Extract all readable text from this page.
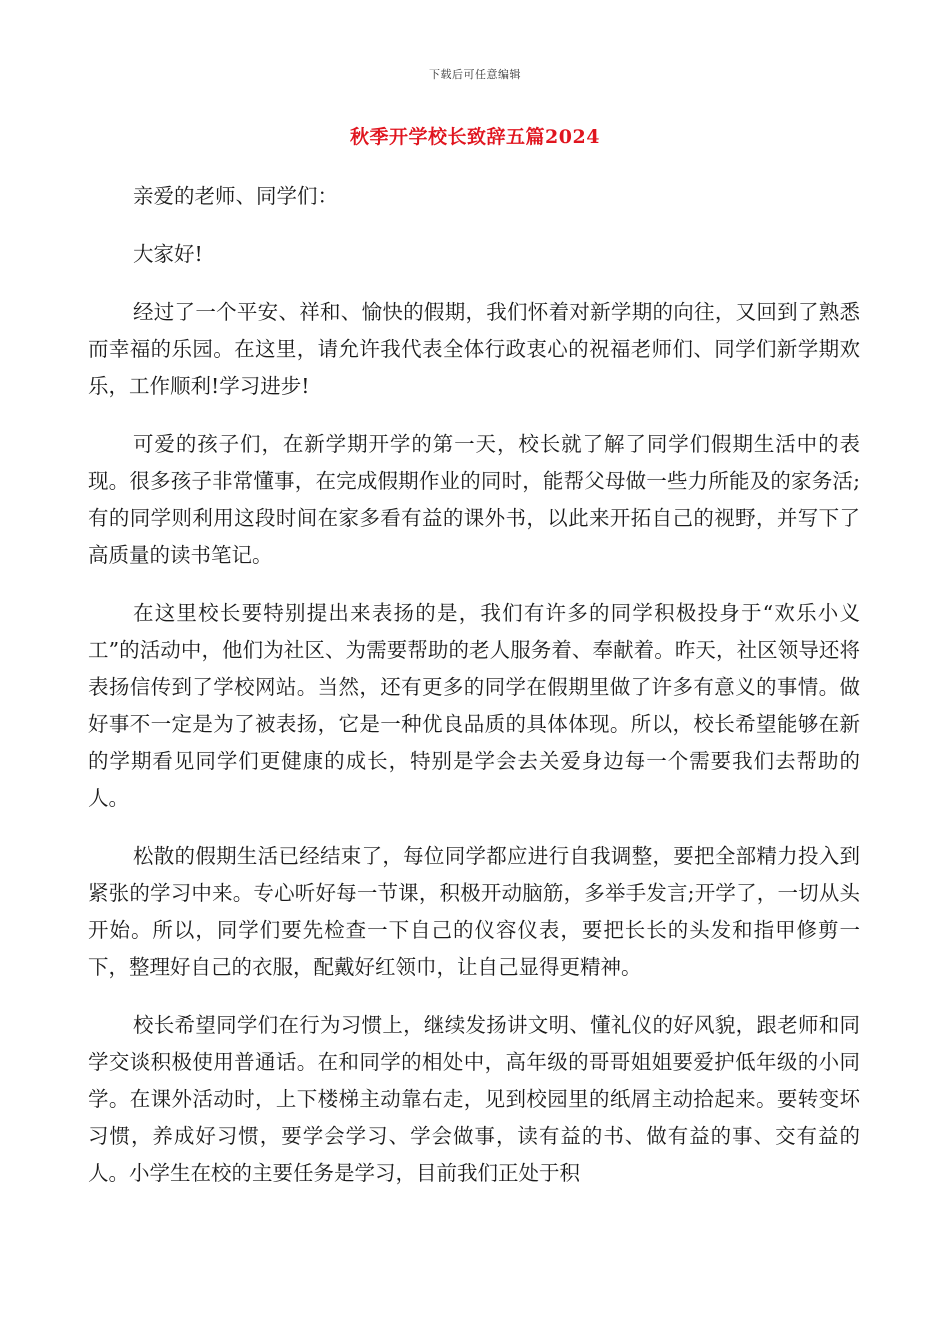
下载后可任意编辑
秋季开学校长致辞五篇2024

亲爱的老师、同学们：

大家好!

经过了一个平安、祥和、愉快的假期，我们怀着对新学期的向往，又回到了熟悉而幸福的乐园。在这里，请允许我代表全体行政衷心的祝福老师们、同学们新学期欢乐，工作顺利!学习进步!

可爱的孩子们，在新学期开学的第一天，校长就了解了同学们假期生活中的表现。很多孩子非常懂事，在完成假期作业的同时，能帮父母做一些力所能及的家务活;有的同学则利用这段时间在家多看有益的课外书，以此来开拓自己的视野，并写下了高质量的读书笔记。

在这里校长要特别提出来表扬的是，我们有许多的同学积极投身于“欢乐小义工”的活动中，他们为社区、为需要帮助的老人服务着、奉献着。昨天，社区领导还将表扬信传到了学校网站。当然，还有更多的同学在假期里做了许多有意义的事情。做好事不一定是为了被表扬，它是一种优良品质的具体体现。所以，校长希望能够在新的学期看见同学们更健康的成长，特别是学会去关爱身边每一个需要我们去帮助的人。

松散的假期生活已经结束了，每位同学都应进行自我调整，要把全部精力投入到紧张的学习中来。专心听好每一节课，积极开动脑筋，多举手发言;开学了，一切从头开始。所以，同学们要先检查一下自己的仪容仪表，要把长长的头发和指甲修剪一下，整理好自己的衣服，配戴好红领巾，让自己显得更精神。

校长希望同学们在行为习惯上，继续发扬讲文明、懂礼仪的好风貌，跟老师和同学交谈积极使用普通话。在和同学的相处中，高年级的哥哥姐姐要爱护低年级的小同学。在课外活动时，上下楼梯主动靠右走，见到校园里的纸屑主动拾起来。要转变坏习惯，养成好习惯，要学会学习、学会做事，读有益的书、做有益的事、交有益的人。小学生在校的主要任务是学习，目前我们正处于积
